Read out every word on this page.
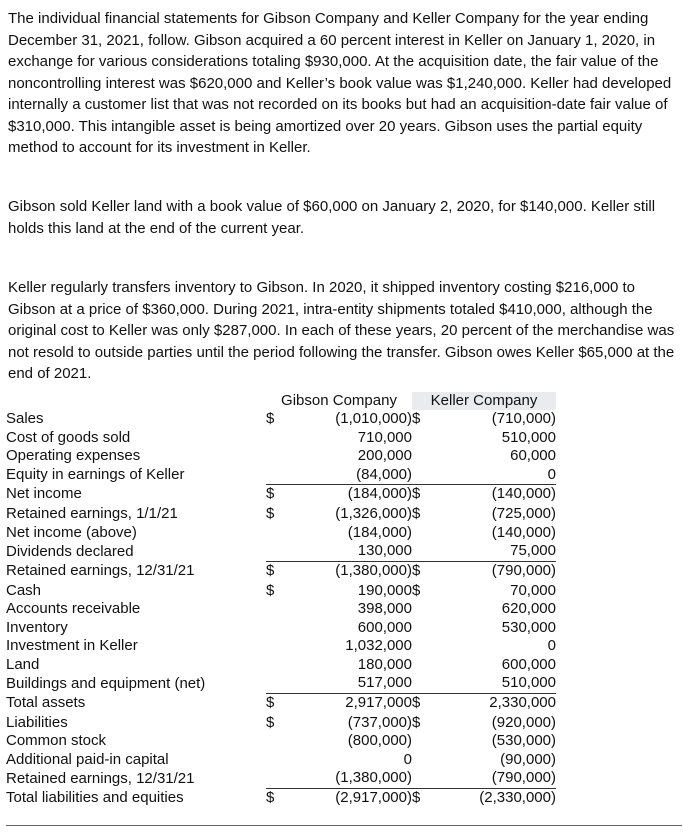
The individual financial statements for Gibson Company and Keller Company for the year ending December 31, 2021, follow. Gibson acquired a 60 percent interest in Keller on January 1, 2020, in exchange for various considerations totaling $930,000. At the acquisition date, the fair value of the noncontrolling interest was $620,000 and Keller’s book value was $1,240,000. Keller had developed internally a customer list that was not recorded on its books but had an acquisition-date fair value of $310,000. This intangible asset is being amortized over 20 years. Gibson uses the partial equity method to account for its investment in Keller.

Gibson sold Keller land with a book value of $60,000 on January 2, 2020, for $140,000. Keller still holds this land at the end of the current year.

Keller regularly transfers inventory to Gibson. In 2020, it shipped inventory costing $216,000 to Gibson at a price of $360,000. During 2021, intra-entity shipments totaled $410,000, although the original cost to Keller was only $287,000. In each of these years, 20 percent of the merchandise was not resold to outside parties until the period following the transfer. Gibson owes Keller $65,000 at the end of 2021.

	Gibson Company		Keller Company	
Sales	$	(1,010,000)	$	(710,000)
Cost of goods sold		710,000		510,000
Operating expenses		200,000		60,000
Equity in earnings of Keller		(84,000)		0
Net income	$	(184,000)	$	(140,000)

Retained earnings, 1/1/21	$	(1,326,000)	$	(725,000)
Net income (above)		(184,000)		(140,000)
Dividends declared		130,000		75,000
Retained earnings, 12/31/21	$	(1,380,000)	$	(790,000)

Cash	$	190,000	$	70,000
Accounts receivable		398,000		620,000
Inventory		600,000		530,000
Investment in Keller		1,032,000		0
Land		180,000		600,000
Buildings and equipment (net)		517,000		510,000
Total assets	$	2,917,000	$	2,330,000

Liabilities	$	(737,000)	$	(920,000)
Common stock		(800,000)		(530,000)
Additional paid-in capital		0		(90,000)
Retained earnings, 12/31/21		(1,380,000)		(790,000)
Total liabilities and equities	$	(2,917,000)	$	(2,330,000)
